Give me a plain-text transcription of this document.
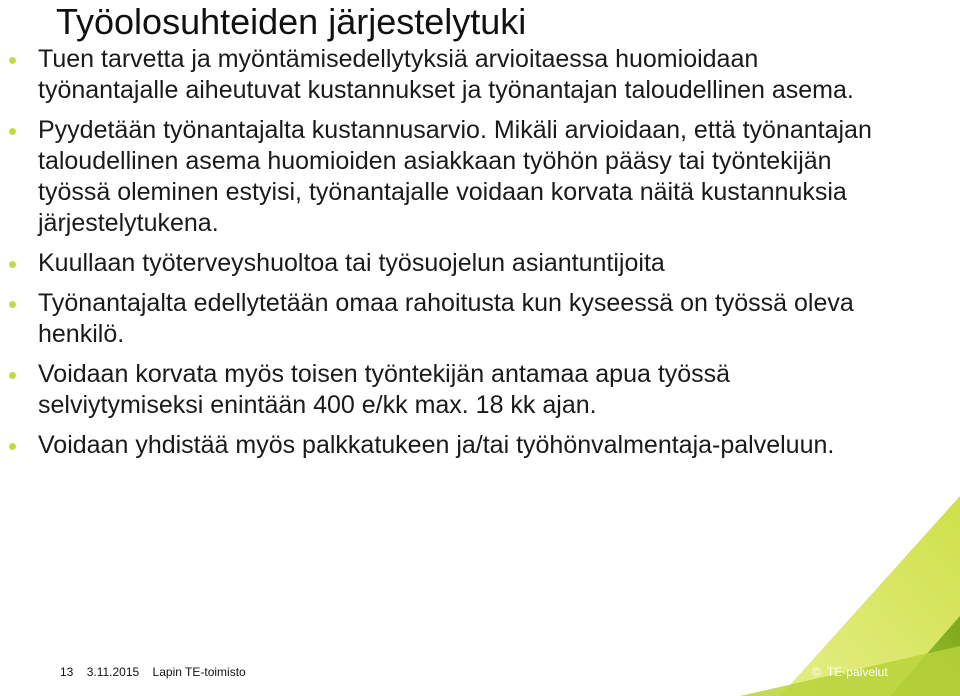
Työolosuhteiden järjestelytuki
Tuen tarvetta ja myöntämisedellytyksiä arvioitaessa huomioidaan työnantajalle aiheutuvat kustannukset ja työnantajan taloudellinen asema.
Pyydetään työnantajalta kustannusarvio. Mikäli arvioidaan, että työnantajan taloudellinen asema huomioiden asiakkaan työhön pääsy tai työntekijän työssä oleminen estyisi, työnantajalle voidaan korvata näitä kustannuksia järjestelytukena.
Kuullaan työterveyshuoltoa tai työsuojelun asiantuntijoita
Työnantajalta edellytetään omaa rahoitusta kun kyseessä on työssä oleva henkilö.
Voidaan korvata myös toisen työntekijän antamaa apua työssä selviytymiseksi enintään 400 e/kk max. 18 kk ajan.
Voidaan yhdistää myös palkkatukeen ja/tai työhönvalmentaja-palveluun.
13 3.11.2015 Lapin TE-toimisto	© TE-palvelut
